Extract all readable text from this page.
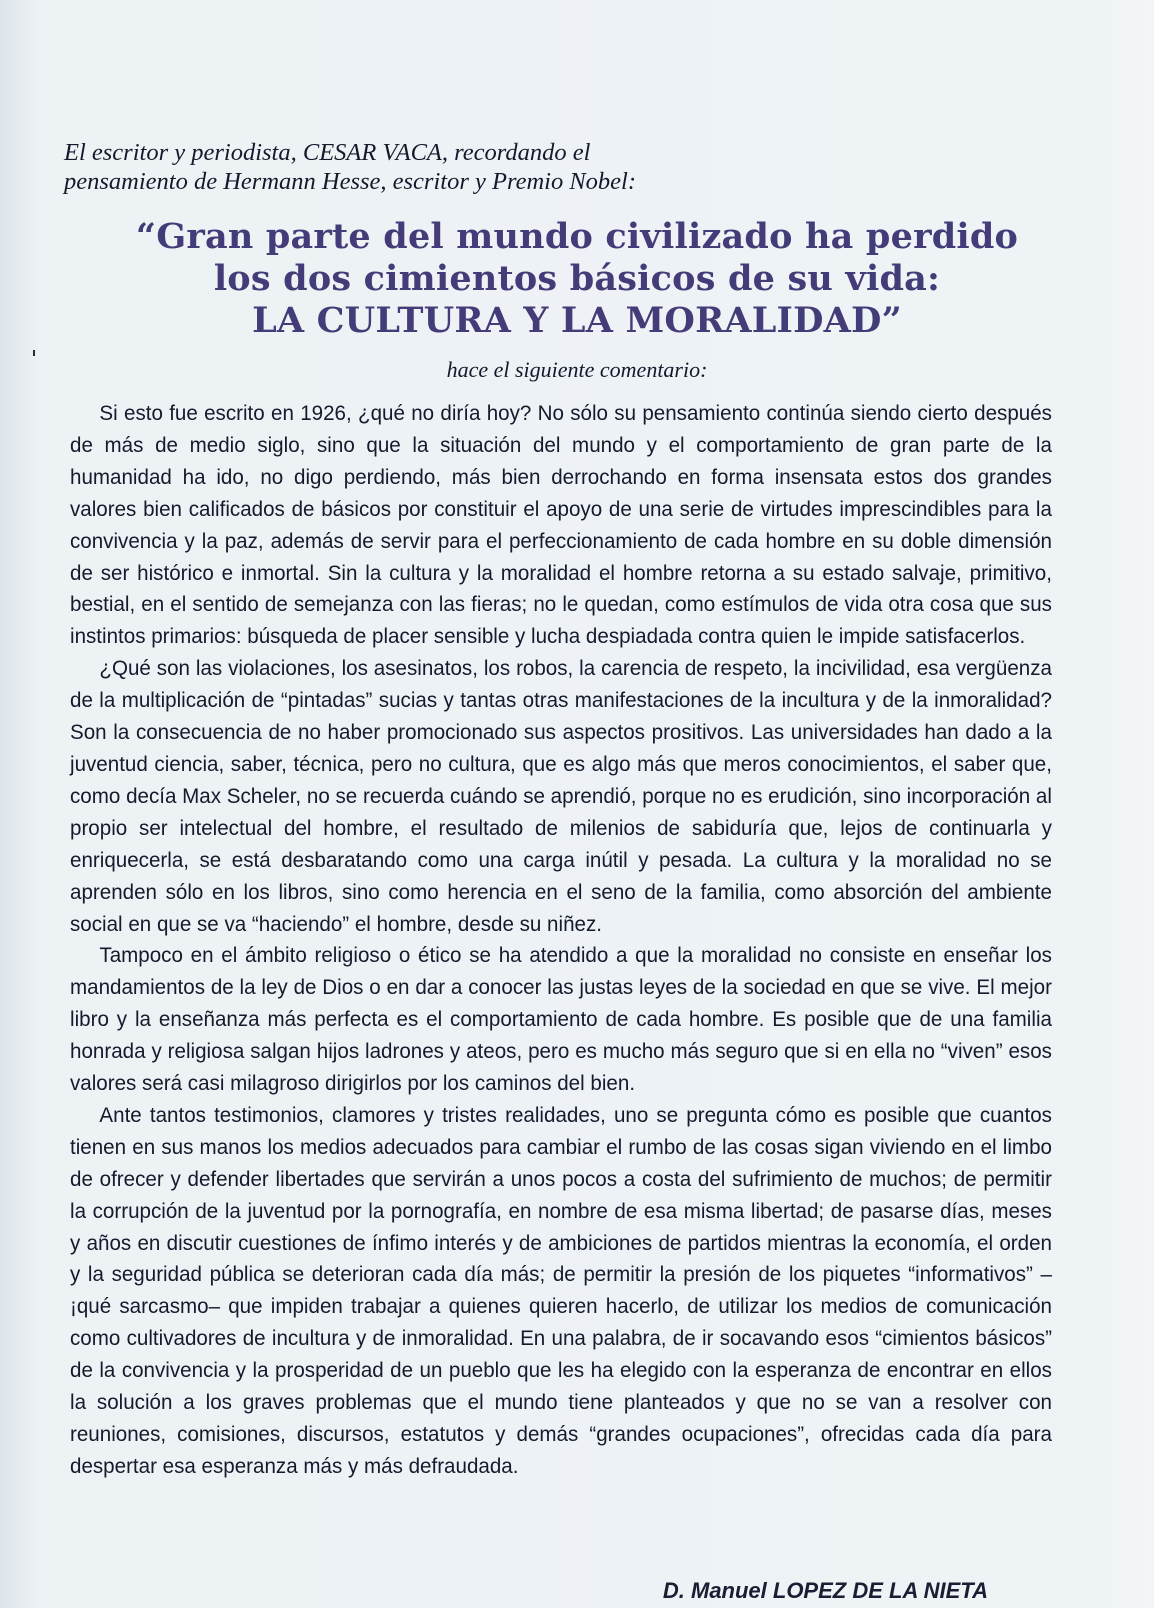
El escritor y periodista, CESAR VACA, recordando el
pensamiento de Hermann Hesse, escritor y Premio Nobel:
“Gran parte del mundo civilizado ha perdido
los dos cimientos básicos de su vida:
LA CULTURA Y LA MORALIDAD”
hace el siguiente comentario:

Si esto fue escrito en 1926, ¿qué no diría hoy? No sólo su pensamiento continúa siendo cierto después de más de medio siglo, sino que la situación del mundo y el comportamiento de gran parte de la humanidad ha ido, no digo perdiendo, más bien derrochando en forma insensata estos dos grandes valores bien calificados de básicos por constituir el apoyo de una serie de virtudes imprescindibles para la convivencia y la paz, además de servir para el perfeccionamiento de cada hombre en su doble dimensión de ser histórico e inmortal. Sin la cultura y la moralidad el hombre retorna a su estado salvaje, primitivo, bestial, en el sentido de semejanza con las fieras; no le quedan, como estímulos de vida otra cosa que sus instintos primarios: búsqueda de placer sensible y lucha despiadada contra quien le impide satisfacerlos.

¿Qué son las violaciones, los asesinatos, los robos, la carencia de respeto, la incivilidad, esa vergüenza de la multiplicación de “pintadas” sucias y tantas otras manifestaciones de la incultura y de la inmoralidad? Son la consecuencia de no haber promocionado sus aspectos prositivos. Las universidades han dado a la juventud ciencia, saber, técnica, pero no cultura, que es algo más que meros conocimientos, el saber que, como decía Max Scheler, no se recuerda cuándo se aprendió, porque no es erudición, sino incorporación al propio ser intelectual del hombre, el resultado de milenios de sabiduría que, lejos de continuarla y enriquecerla, se está desbaratando como una carga inútil y pesada. La cultura y la moralidad no se aprenden sólo en los libros, sino como herencia en el seno de la familia, como absorción del ambiente social en que se va “haciendo” el hombre, desde su niñez.

Tampoco en el ámbito religioso o ético se ha atendido a que la moralidad no consiste en enseñar los mandamientos de la ley de Dios o en dar a conocer las justas leyes de la sociedad en que se vive. El mejor libro y la enseñanza más perfecta es el comportamiento de cada hombre. Es posible que de una familia honrada y religiosa salgan hijos ladrones y ateos, pero es mucho más seguro que si en ella no “viven” esos valores será casi milagroso dirigirlos por los caminos del bien.

Ante tantos testimonios, clamores y tristes realidades, uno se pregunta cómo es posible que cuantos tienen en sus manos los medios adecuados para cambiar el rumbo de las cosas sigan viviendo en el limbo de ofrecer y defender libertades que servirán a unos pocos a costa del sufrimiento de muchos; de permitir la corrupción de la juventud por la pornografía, en nombre de esa misma libertad; de pasarse días, meses y años en discutir cuestiones de ínfimo interés y de ambiciones de partidos mientras la economía, el orden y la seguridad pública se deterioran cada día más; de permitir la presión de los piquetes “informativos” –¡qué sarcasmo– que impiden trabajar a quienes quieren hacerlo, de utilizar los medios de comunicación como cultivadores de incultura y de inmoralidad. En una palabra, de ir socavando esos “cimientos básicos” de la convivencia y la prosperidad de un pueblo que les ha elegido con la esperanza de encontrar en ellos la solución a los graves problemas que el mundo tiene planteados y que no se van a resolver con reuniones, comisiones, discursos, estatutos y demás “grandes ocupaciones”, ofrecidas cada día para despertar esa esperanza más y más defraudada.

D. Manuel LOPEZ DE LA NIETA
